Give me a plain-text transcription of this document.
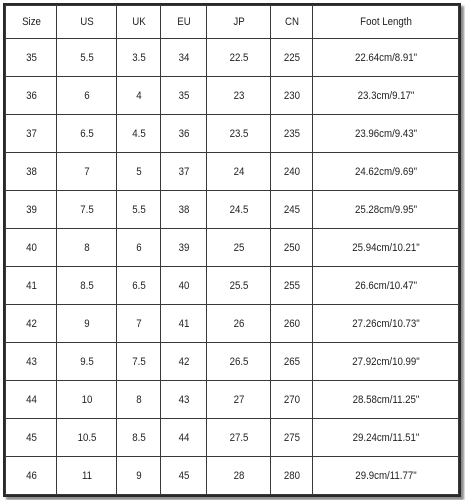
Size	US	UK	EU	JP	CN	Foot Length
35	5.5	3.5	34	22.5	225	22.64cm/8.91"
36	6	4	35	23	230	23.3cm/9.17"
37	6.5	4.5	36	23.5	235	23.96cm/9.43"
38	7	5	37	24	240	24.62cm/9.69"
39	7.5	5.5	38	24.5	245	25.28cm/9.95"
40	8	6	39	25	250	25.94cm/10.21"
41	8.5	6.5	40	25.5	255	26.6cm/10.47"
42	9	7	41	26	260	27.26cm/10.73"
43	9.5	7.5	42	26.5	265	27.92cm/10.99"
44	10	8	43	27	270	28.58cm/11.25"
45	10.5	8.5	44	27.5	275	29.24cm/11.51"
46	11	9	45	28	280	29.9cm/11.77"
